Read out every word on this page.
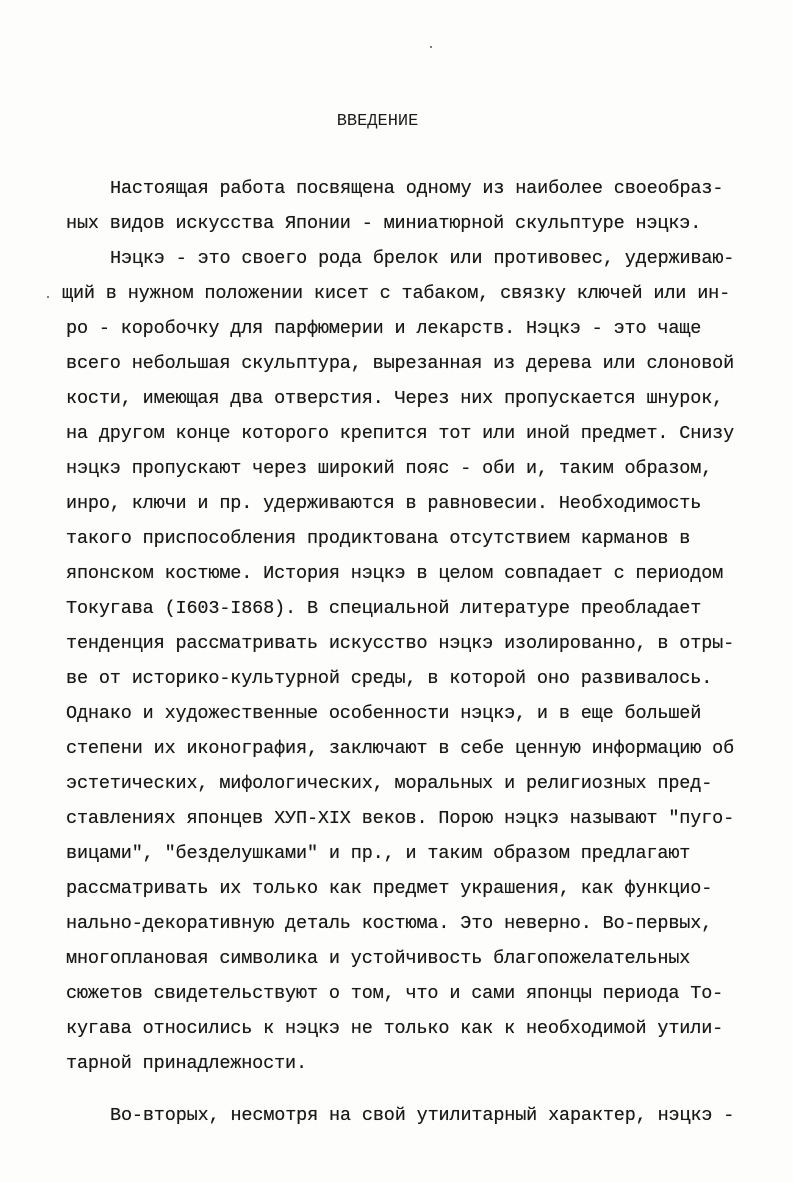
ВВЕДЕНИЕ
Настоящая работа посвящена одному из наиболее своеобраз-
ных видов искусства Японии - миниатюрной скульптуре нэцкэ.
Нэцкэ - это своего рода брелок или противовес, удерживаю-
щий в нужном положении кисет с табаком, связку ключей или ин-
ро - коробочку для парфюмерии и лекарств. Нэцкэ - это чаще
всего небольшая скульптура, вырезанная из дерева или слоновой
кости, имеющая два отверстия. Через них пропускается шнурок,
на другом конце которого крепится тот или иной предмет. Снизу
нэцкэ пропускают через широкий пояс - оби и, таким образом,
инро, ключи и пр. удерживаются в равновесии. Необходимость
такого приспособления продиктована отсутствием карманов в
японском костюме. История нэцкэ в целом совпадает с периодом
Токугава (I603-I868). В специальной литературе преобладает
тенденция рассматривать искусство нэцкэ изолированно, в отры-
ве от историко-культурной среды, в которой оно развивалось.
Однако и художественные особенности нэцкэ, и в еще большей
степени их иконография, заключают в себе ценную информацию об
эстетических, мифологических, моральных и религиозных пред-
ставлениях японцев ХУП-XIX веков. Порою нэцкэ называют "пуго-
вицами", "безделушками" и пр., и таким образом предлагают
рассматривать их только как предмет украшения, как функцио-
нально-декоративную деталь костюма. Это неверно. Во-первых,
многоплановая символика и устойчивость благопожелательных
сюжетов свидетельствуют о том, что и сами японцы периода То-
кугава относились к нэцкэ не только как к необходимой утили-
тарной принадлежности.
Во-вторых, несмотря на свой утилитарный характер, нэцкэ -
